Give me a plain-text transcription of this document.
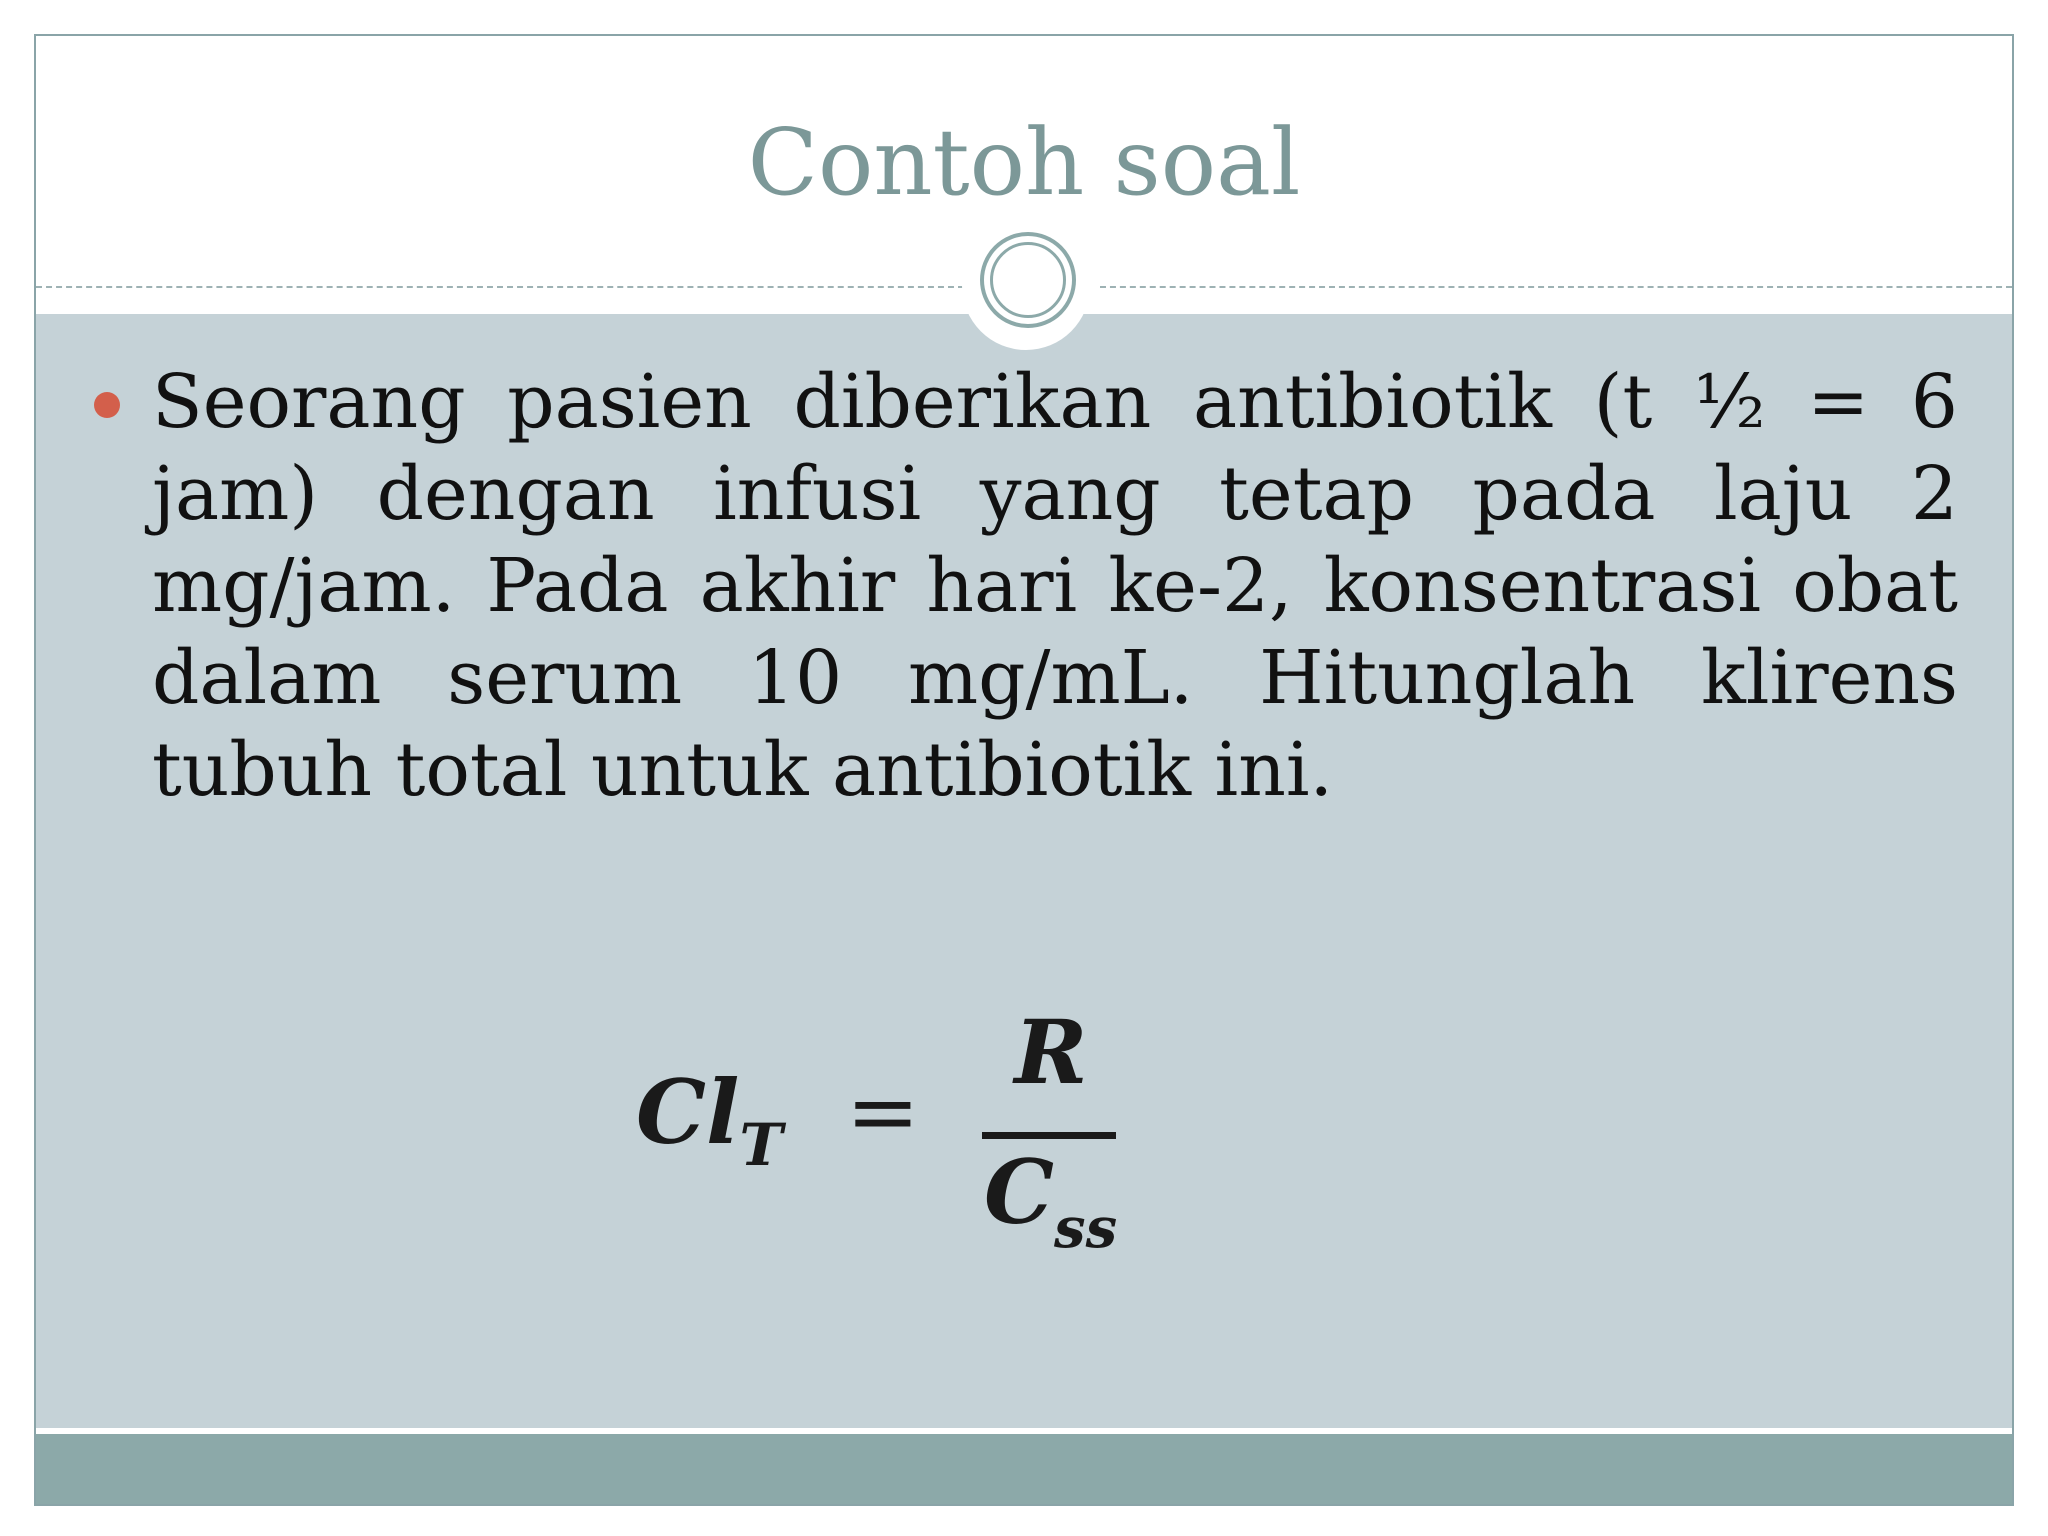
Contoh soal
Seorang pasien diberikan antibiotik (t ½ = 6 jam) dengan infusi yang tetap pada laju 2 mg/jam. Pada akhir hari ke-2, konsentrasi obat dalam serum 10 mg/mL. Hitunglah klirens tubuh total untuk antibiotik ini.
$Cl_T$ =
R
$C_{ss}$
